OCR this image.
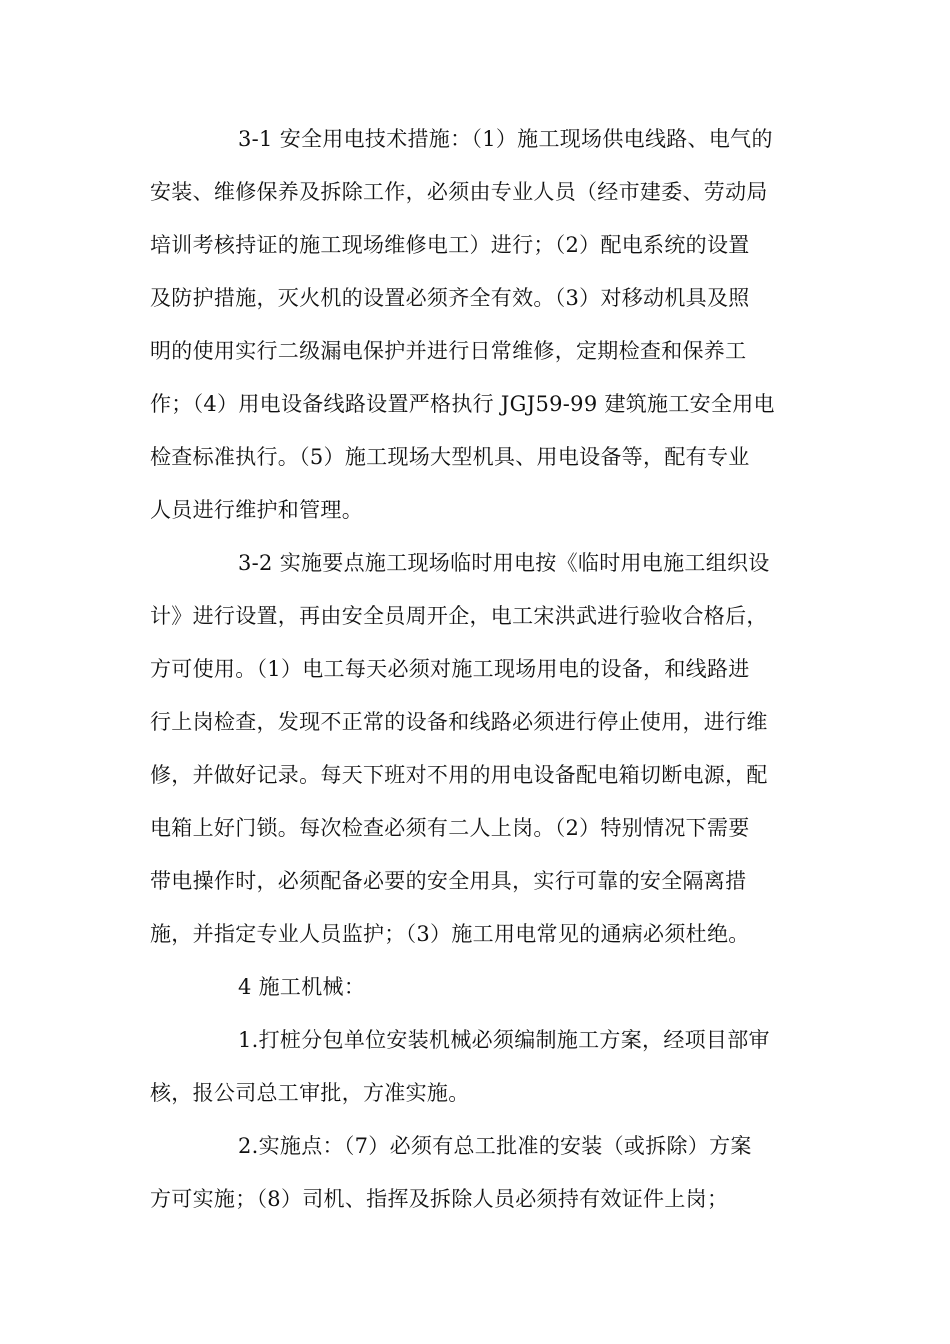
3-1 安全用电技术措施：（1）施工现场供电线路、电气的
安装、维修保养及拆除工作，必须由专业人员（经市建委、劳动局
培训考核持证的施工现场维修电工）进行；（2）配电系统的设置
及防护措施，灭火机的设置必须齐全有效。（3）对移动机具及照
明的使用实行二级漏电保护并进行日常维修，定期检查和保养工
作；（4）用电设备线路设置严格执行 JGJ59-99 建筑施工安全用电
检查标准执行。（5）施工现场大型机具、用电设备等，配有专业
人员进行维护和管理。

3-2 实施要点施工现场临时用电按《临时用电施工组织设
计》进行设置，再由安全员周开企，电工宋洪武进行验收合格后，
方可使用。（1）电工每天必须对施工现场用电的设备，和线路进
行上岗检查，发现不正常的设备和线路必须进行停止使用，进行维
修，并做好记录。每天下班对不用的用电设备配电箱切断电源，配
电箱上好门锁。每次检查必须有二人上岗。（2）特别情况下需要
带电操作时，必须配备必要的安全用具，实行可靠的安全隔离措
施，并指定专业人员监护；（3）施工用电常见的通病必须杜绝。

4 施工机械：

1.打桩分包单位安装机械必须编制施工方案，经项目部审
核，报公司总工审批，方准实施。

2.实施点：（7）必须有总工批准的安装（或拆除）方案
方可实施；（8）司机、指挥及拆除人员必须持有效证件上岗；
